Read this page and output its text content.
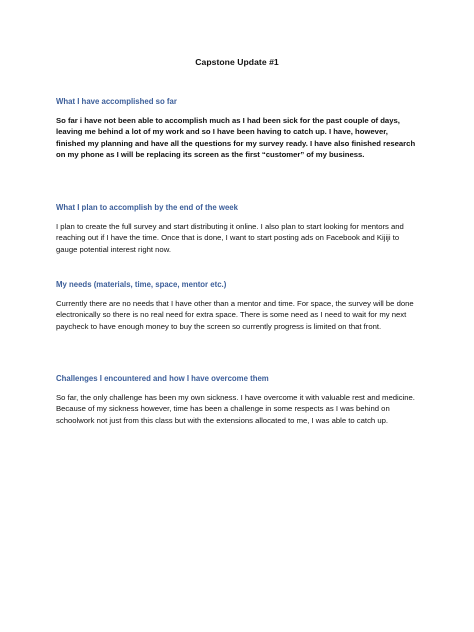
Capstone Update #1
What I have accomplished so far

So far i have not been able to accomplish much as I had been sick for the past couple of days, leaving me behind a lot of my work and so I have been having to catch up. I have, however, finished my planning and have all the questions for my survey ready. I have also finished research on my phone as I will be replacing its screen as the first “customer” of my business.

What I plan to accomplish by the end of the week

I plan to create the full survey and start distributing it online. I also plan to start looking for mentors and reaching out if I have the time. Once that is done, I want to start posting ads on Facebook and Kijiji to gauge potential interest right now.

My needs (materials, time, space, mentor etc.)

Currently there are no needs that I have other than a mentor and time. For space, the survey will be done electronically so there is no real need for extra space. There is some need as I need to wait for my next paycheck to have enough money to buy the screen so currently progress is limited on that front.

Challenges I encountered and how I have overcome them

So far, the only challenge has been my own sickness. I have overcome it with valuable rest and medicine. Because of my sickness however, time has been a challenge in some respects as I was behind on schoolwork not just from this class but with the extensions allocated to me, I was able to catch up.
